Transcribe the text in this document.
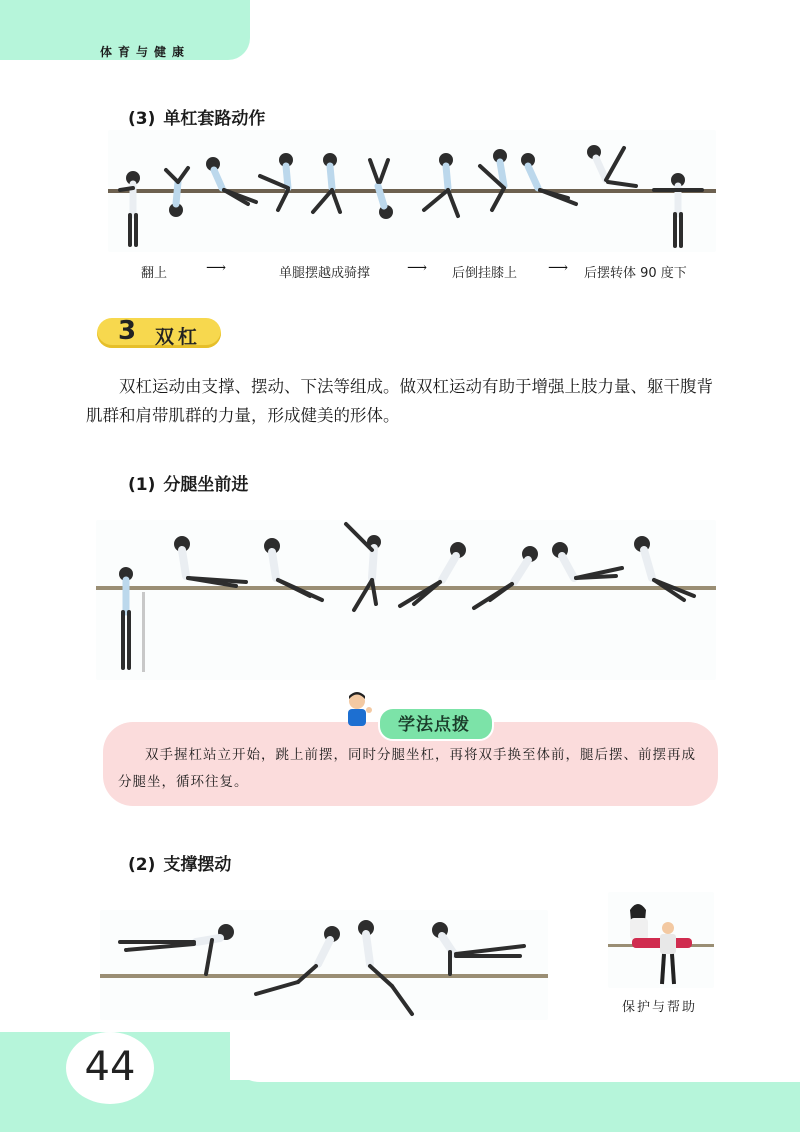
体育与健康
(3) 单杠套路动作
翻上	⟶	单腿摆越成骑撑	⟶ 后倒挂膝上 ⟶ 后摆转体 90 度下
3 双杠

双杠运动由支撑、摆动、下法等组成。做双杠运动有助于增强上肢力量、躯干腹背肌群和肩带肌群的力量，形成健美的形体。

(1) 分腿坐前进
学法点拨

双手握杠站立开始，跳上前摆，同时分腿坐杠，再将双手换至体前，腿后摆、前摆再成分腿坐，循环往复。

(2) 支撑摆动
保护与帮助
44
